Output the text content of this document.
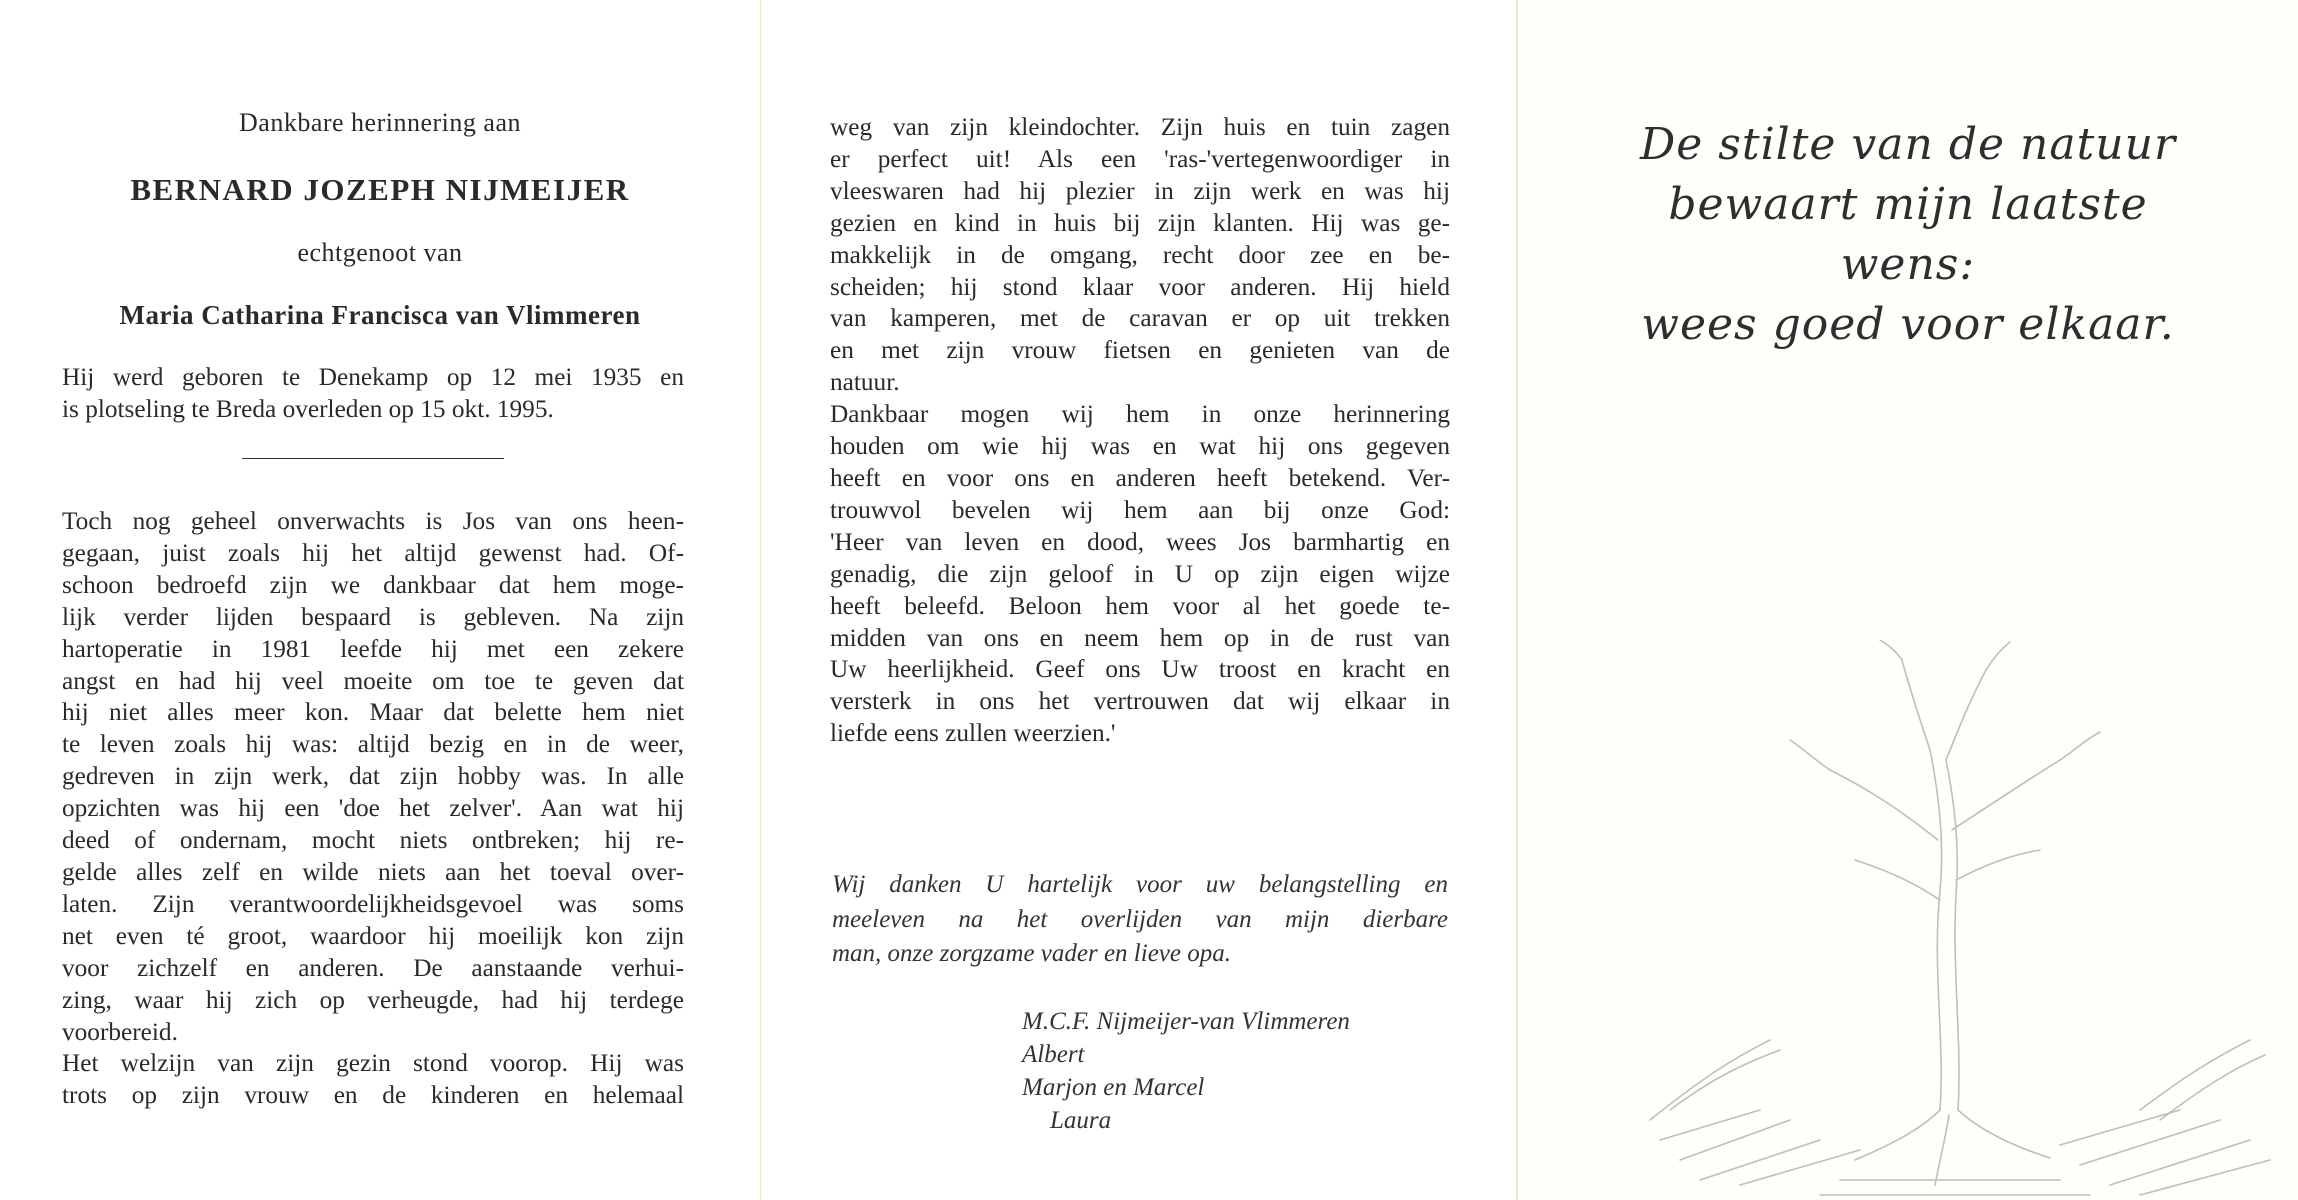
Dankbare herinnering aan
BERNARD JOZEPH NIJMEIJER
echtgenoot van
Maria Catharina Francisca van Vlimmeren
Hij werd geboren te Denekamp op 12 mei 1935 en
is plotseling te Breda overleden op 15 okt. 1995.
Toch nog geheel onverwachts is Jos van ons heen-
gegaan, juist zoals hij het altijd gewenst had. Of-
schoon bedroefd zijn we dankbaar dat hem moge-
lijk verder lijden bespaard is gebleven. Na zijn
hartoperatie in 1981 leefde hij met een zekere
angst en had hij veel moeite om toe te geven dat
hij niet alles meer kon. Maar dat belette hem niet
te leven zoals hij was: altijd bezig en in de weer,
gedreven in zijn werk, dat zijn hobby was. In alle
opzichten was hij een 'doe het zelver'. Aan wat hij
deed of ondernam, mocht niets ontbreken; hij re-
gelde alles zelf en wilde niets aan het toeval over-
laten. Zijn verantwoordelijkheidsgevoel was soms
net even té groot, waardoor hij moeilijk kon zijn
voor zichzelf en anderen. De aanstaande verhui-
zing, waar hij zich op verheugde, had hij terdege
voorbereid.
Het welzijn van zijn gezin stond voorop. Hij was
trots op zijn vrouw en de kinderen en helemaal
weg van zijn kleindochter. Zijn huis en tuin zagen
er perfect uit! Als een 'ras-'vertegenwoordiger in
vleeswaren had hij plezier in zijn werk en was hij
gezien en kind in huis bij zijn klanten. Hij was ge-
makkelijk in de omgang, recht door zee en be-
scheiden; hij stond klaar voor anderen. Hij hield
van kamperen, met de caravan er op uit trekken
en met zijn vrouw fietsen en genieten van de
natuur.
Dankbaar mogen wij hem in onze herinnering
houden om wie hij was en wat hij ons gegeven
heeft en voor ons en anderen heeft betekend. Ver-
trouwvol bevelen wij hem aan bij onze God:
'Heer van leven en dood, wees Jos barmhartig en
genadig, die zijn geloof in U op zijn eigen wijze
heeft beleefd. Beloon hem voor al het goede te-
midden van ons en neem hem op in de rust van
Uw heerlijkheid. Geef ons Uw troost en kracht en
versterk in ons het vertrouwen dat wij elkaar in
liefde eens zullen weerzien.'
Wij danken U hartelijk voor uw belangstelling en
meeleven na het overlijden van mijn dierbare
man, onze zorgzame vader en lieve opa.
M.C.F. Nijmeijer-van Vlimmeren
Albert
Marjon en Marcel
Laura
De stilte van de natuur
bewaart mijn laatste wens:
wees goed voor elkaar.
